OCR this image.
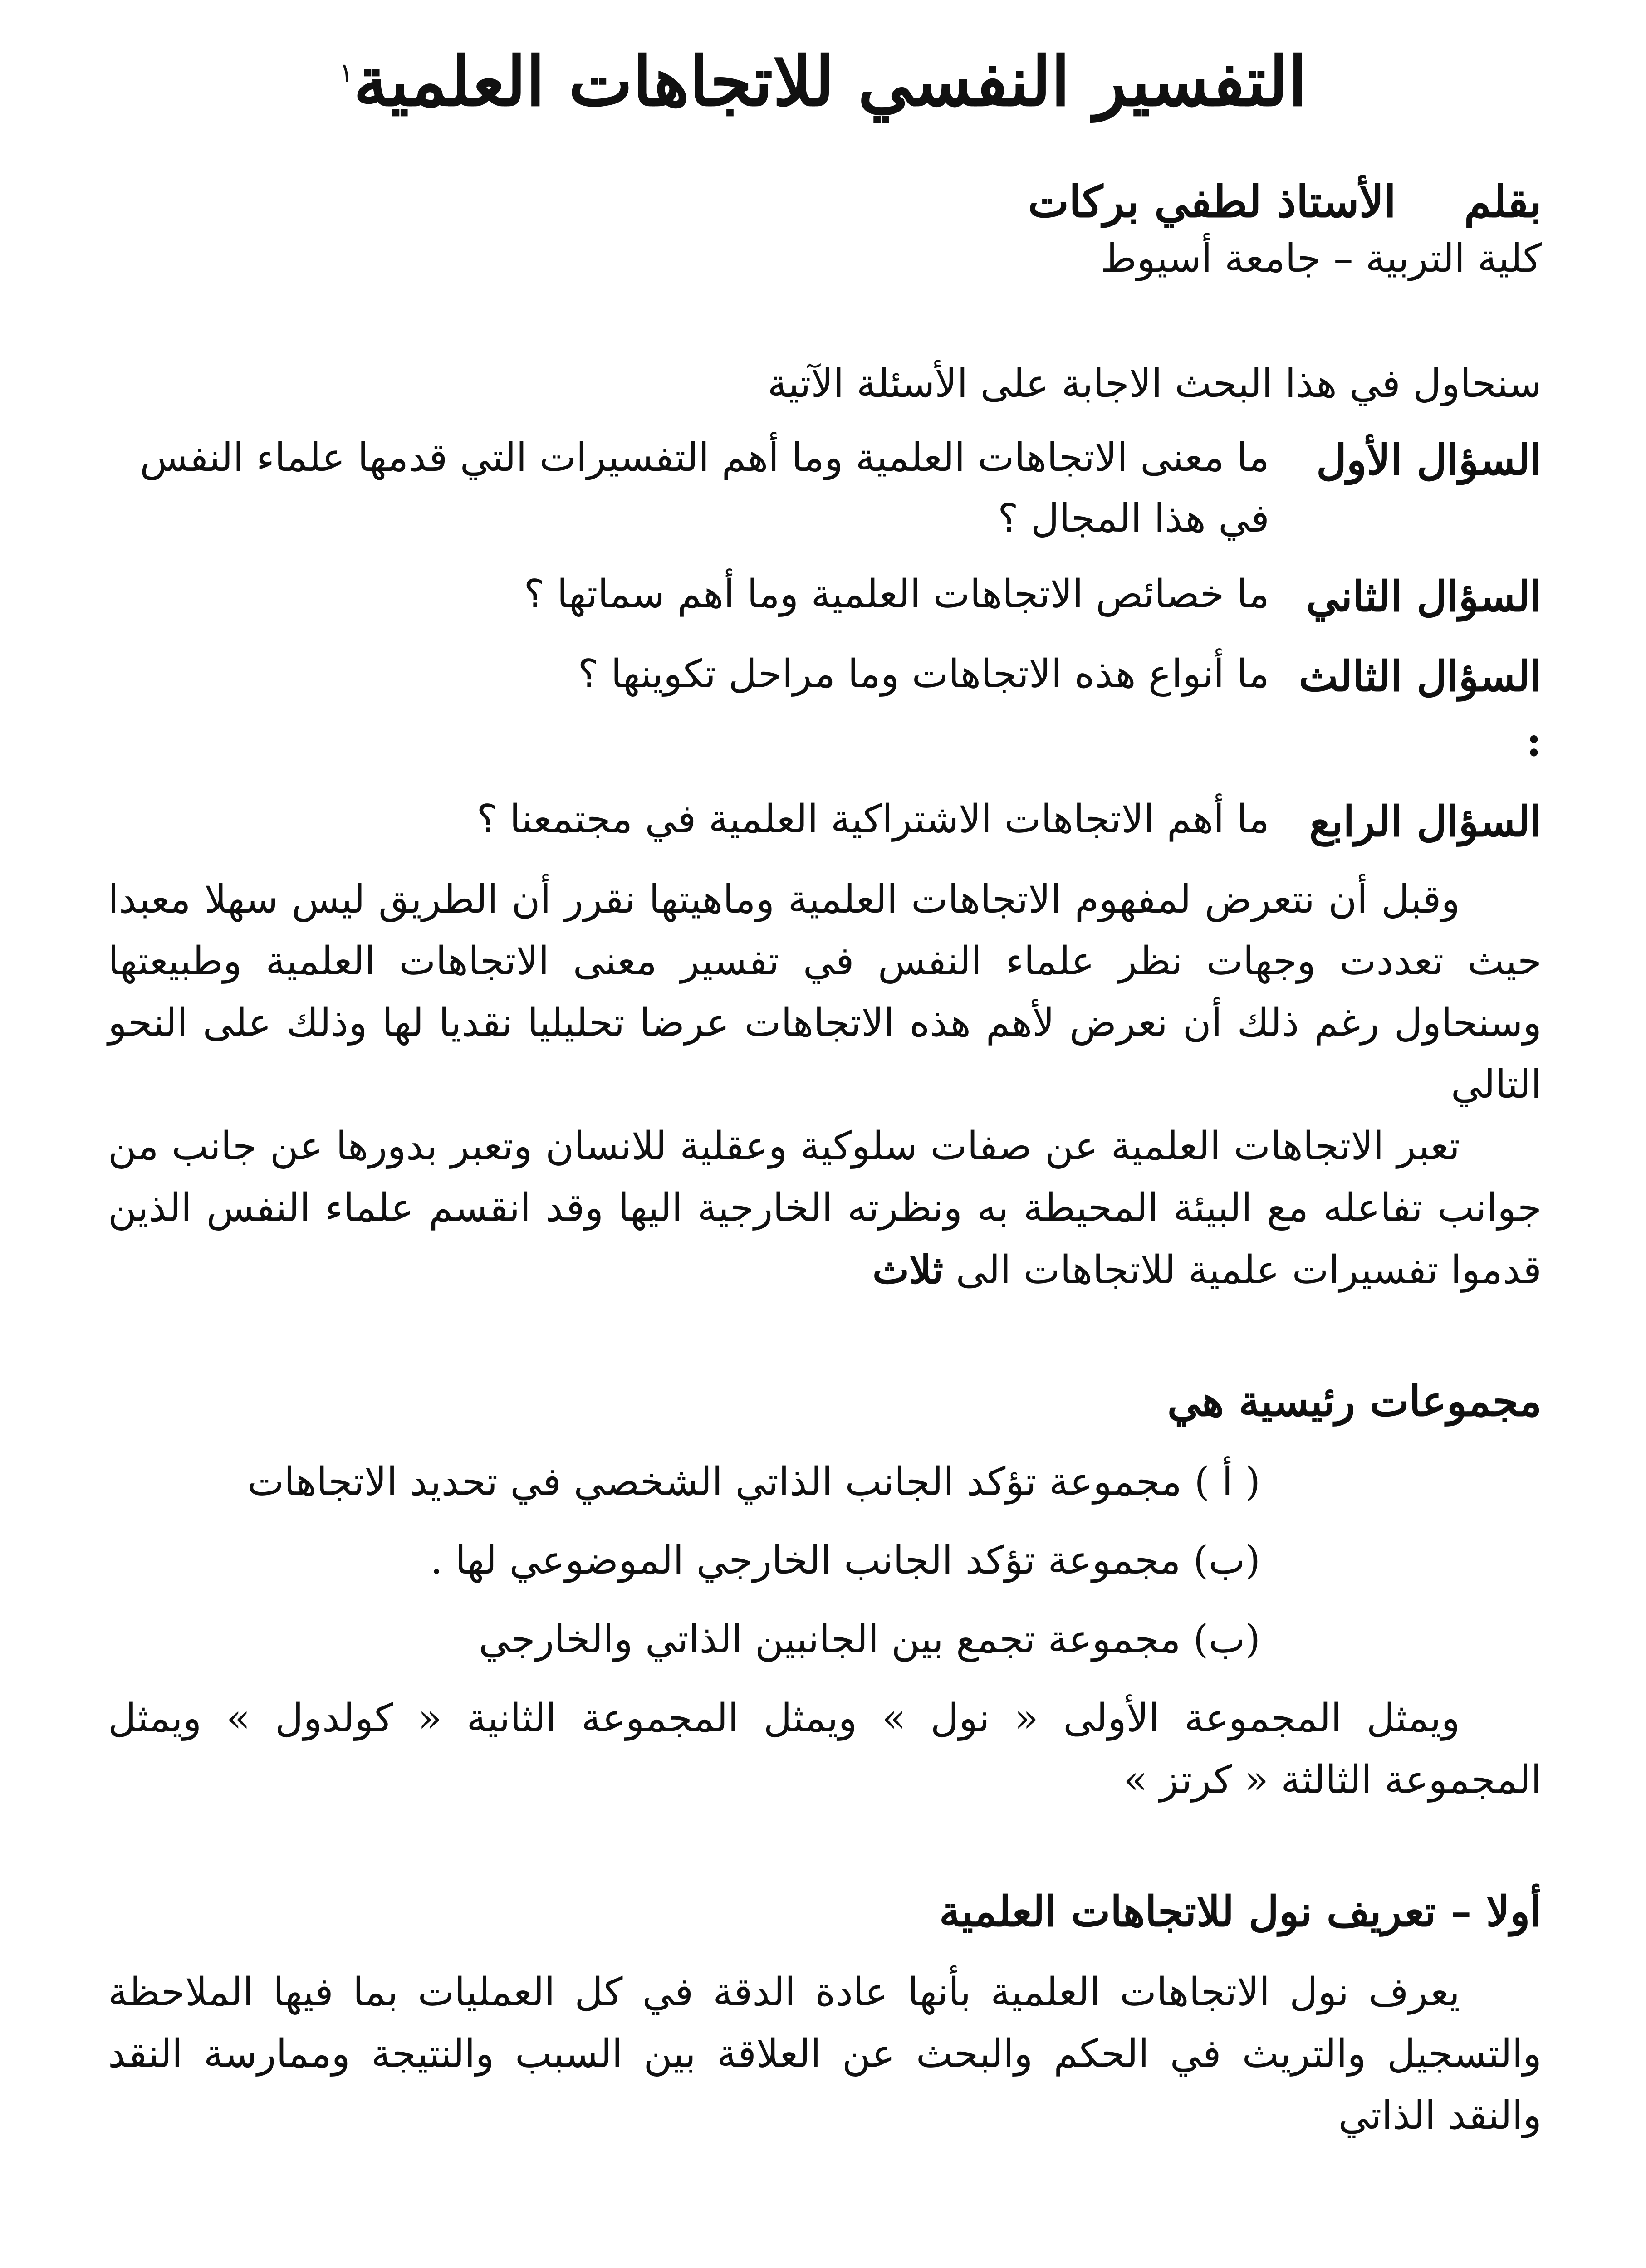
التفسير النفسي للاتجاهات العلمية$^١$
بقلم
الأستاذ لطفي بركات
كلية التربية – جامعة أسيوط
سنحاول في هذا البحث الاجابة على الأسئلة الآتية
السؤال الأول
ما معنى الاتجاهات العلمية وما أهم التفسيرات التي قدمها علماء النفس في هذا المجال ؟
السؤال الثاني
ما خصائص الاتجاهات العلمية وما أهم سماتها ؟
السؤال الثالث :
ما أنواع هذه الاتجاهات وما مراحل تكوينها ؟
السؤال الرابع
ما أهم الاتجاهات الاشتراكية العلمية في مجتمعنا ؟

وقبل أن نتعرض لمفهوم الاتجاهات العلمية وماهيتها نقرر أن الطريق ليس سهلا معبدا حيث تعددت وجهات نظر علماء النفس في تفسير معنى الاتجاهات العلمية وطبيعتها وسنحاول رغم ذلك أن نعرض لأهم هذه الاتجاهات عرضا تحليليا نقديا لها وذلك على النحو التالي

تعبر الاتجاهات العلمية عن صفات سلوكية وعقلية للانسان وتعبر بدورها عن جانب من جوانب تفاعله مع البيئة المحيطة به ونظرته الخارجية اليها وقد انقسم علماء النفس الذين قدموا تفسيرات علمية للاتجاهات الى ثلاث

مجموعات رئيسية هي
( أ ) مجموعة تؤكد الجانب الذاتي الشخصي في تحديد الاتجاهات
(ب) مجموعة تؤكد الجانب الخارجي الموضوعي لها .
(ب) مجموعة تجمع بين الجانبين الذاتي والخارجي

ويمثل المجموعة الأولى « نول » ويمثل المجموعة الثانية « كولدول » ويمثل المجموعة الثالثة « كرتز »

أولا – تعريف نول للاتجاهات العلمية

يعرف نول الاتجاهات العلمية بأنها عادة الدقة في كل العمليات بما فيها الملاحظة والتسجيل والتريث في الحكم والبحث عن العلاقة بين السبب والنتيجة وممارسة النقد والنقد الذاتي
